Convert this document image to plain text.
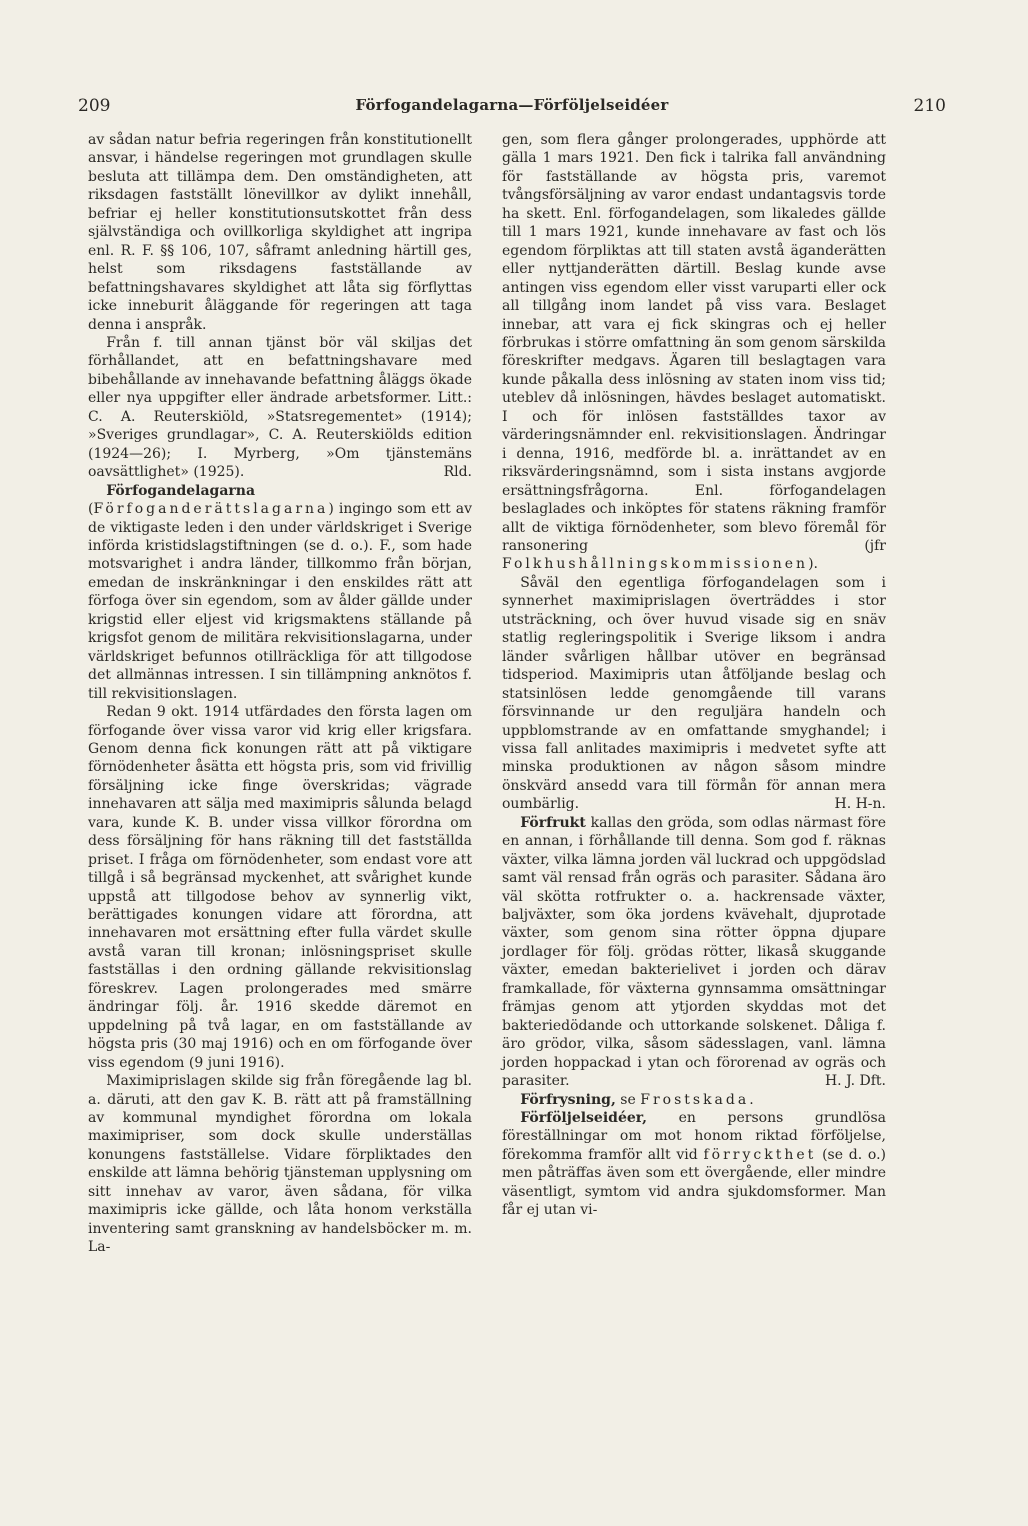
209	Förfogandelagarna—Förföljelseidéer	210

av sådan natur befria regeringen från konstitutionellt ansvar, i händelse regeringen mot grundlagen skulle besluta att tillämpa dem. Den omständigheten, att riksdagen fastställt lönevillkor av dylikt innehåll, befriar ej heller konstitutionsutskottet från dess självständiga och ovillkorliga skyldighet att ingripa enl. R. F. §§ 106, 107, såframt anledning härtill ges, helst som riksdagens fastställande av befattningshavares skyldighet att låta sig förflyttas icke inneburit åläggande för regeringen att taga denna i anspråk.

Från f. till annan tjänst bör väl skiljas det förhållandet, att en befattningshavare med bibehållande av innehavande befattning åläggs ökade eller nya uppgifter eller ändrade arbetsformer. Litt.: C. A. Reuterskiöld, »Statsregementet» (1914); »Sveriges grundlagar», C. A. Reuterskiölds edition (1924—26); I. Myrberg, »Om tjänstemäns oavsättlighet» (1925).	Rld.

Förfogandelagarna (Förfoganderättslagarna) ingingo som ett av de viktigaste leden i den under världskriget i Sverige införda kristidslagstiftningen (se d. o.). F., som hade motsvarighet i andra länder, tillkommo från början, emedan de inskränkningar i den enskildes rätt att förfoga över sin egendom, som av ålder gällde under krigstid eller eljest vid krigsmaktens ställande på krigsfot genom de militära rekvisitionslagarna, under världskriget befunnos otillräckliga för att tillgodose det allmännas intressen. I sin tillämpning anknötos f. till rekvisitionslagen.

Redan 9 okt. 1914 utfärdades den första lagen om förfogande över vissa varor vid krig eller krigsfara. Genom denna fick konungen rätt att på viktigare förnödenheter åsätta ett högsta pris, som vid frivillig försäljning icke finge överskridas; vägrade innehavaren att sälja med maximipris sålunda belagd vara, kunde K. B. under vissa villkor förordna om dess försäljning för hans räkning till det fastställda priset. I fråga om förnödenheter, som endast vore att tillgå i så begränsad myckenhet, att svårighet kunde uppstå att tillgodose behov av synnerlig vikt, berättigades konungen vidare att förordna, att innehavaren mot ersättning efter fulla värdet skulle avstå varan till kronan; inlösningspriset skulle fastställas i den ordning gällande rekvisitionslag föreskrev. Lagen prolongerades med smärre ändringar följ. år. 1916 skedde däremot en uppdelning på två lagar, en om fastställande av högsta pris (30 maj 1916) och en om förfogande över viss egendom (9 juni 1916).

Maximiprislagen skilde sig från föregående lag bl. a. däruti, att den gav K. B. rätt att på framställning av kommunal myndighet förordna om lokala maximipriser, som dock skulle underställas konungens fastställelse. Vidare förpliktades den enskilde att lämna behörig tjänsteman upplysning om sitt innehav av varor, även sådana, för vilka maximipris icke gällde, och låta honom verkställa inventering samt granskning av handelsböcker m. m. La-

gen, som flera gånger prolongerades, upphörde att gälla 1 mars 1921. Den fick i talrika fall användning för fastställande av högsta pris, varemot tvångsförsäljning av varor endast undantagsvis torde ha skett. Enl. förfogandelagen, som likaledes gällde till 1 mars 1921, kunde innehavare av fast och lös egendom förpliktas att till staten avstå äganderätten eller nyttjanderätten därtill. Beslag kunde avse antingen viss egendom eller visst varuparti eller ock all tillgång inom landet på viss vara. Beslaget innebar, att vara ej fick skingras och ej heller förbrukas i större omfattning än som genom särskilda föreskrifter medgavs. Ägaren till beslagtagen vara kunde påkalla dess inlösning av staten inom viss tid; uteblev då inlösningen, hävdes beslaget automatiskt. I och för inlösen fastställdes taxor av värderingsnämnder enl. rekvisitionslagen. Ändringar i denna, 1916, medförde bl. a. inrättandet av en riksvärderingsnämnd, som i sista instans avgjorde ersättningsfrågorna. Enl. förfogandelagen beslaglades och inköptes för statens räkning framför allt de viktiga förnödenheter, som blevo föremål för ransonering (jfr Folkhushållningskommissionen).

Såväl den egentliga förfogandelagen som i synnerhet maximiprislagen överträddes i stor utsträckning, och över huvud visade sig en snäv statlig regleringspolitik i Sverige liksom i andra länder svårligen hållbar utöver en begränsad tidsperiod. Maximipris utan åtföljande beslag och statsinlösen ledde genomgående till varans försvinnande ur den reguljära handeln och uppblomstrande av en omfattande smyghandel; i vissa fall anlitades maximipris i medvetet syfte att minska produktionen av någon såsom mindre önskvärd ansedd vara till förmån för annan mera oumbärlig.	H. H-n.

Förfrukt kallas den gröda, som odlas närmast före en annan, i förhållande till denna. Som god f. räknas växter, vilka lämna jorden väl luckrad och uppgödslad samt väl rensad från ogräs och parasiter. Sådana äro väl skötta rotfrukter o. a. hackrensade växter, baljväxter, som öka jordens kvävehalt, djuprotade växter, som genom sina rötter öppna djupare jordlager för följ. grödas rötter, likaså skuggande växter, emedan bakterielivet i jorden och därav framkallade, för växterna gynnsamma omsättningar främjas genom att ytjorden skyddas mot det bakteriedödande och uttorkande solskenet. Dåliga f. äro grödor, vilka, såsom sädesslagen, vanl. lämna jorden hoppackad i ytan och förorenad av ogräs och parasiter.	H. J. Dft.

Förfrysning, se Frostskada.

Förföljelseidéer, en persons grundlösa föreställningar om mot honom riktad förföljelse, förekomma framför allt vid förryckthet (se d. o.) men påträffas även som ett övergående, eller mindre väsentligt, symtom vid andra sjukdomsformer. Man får ej utan vi-
